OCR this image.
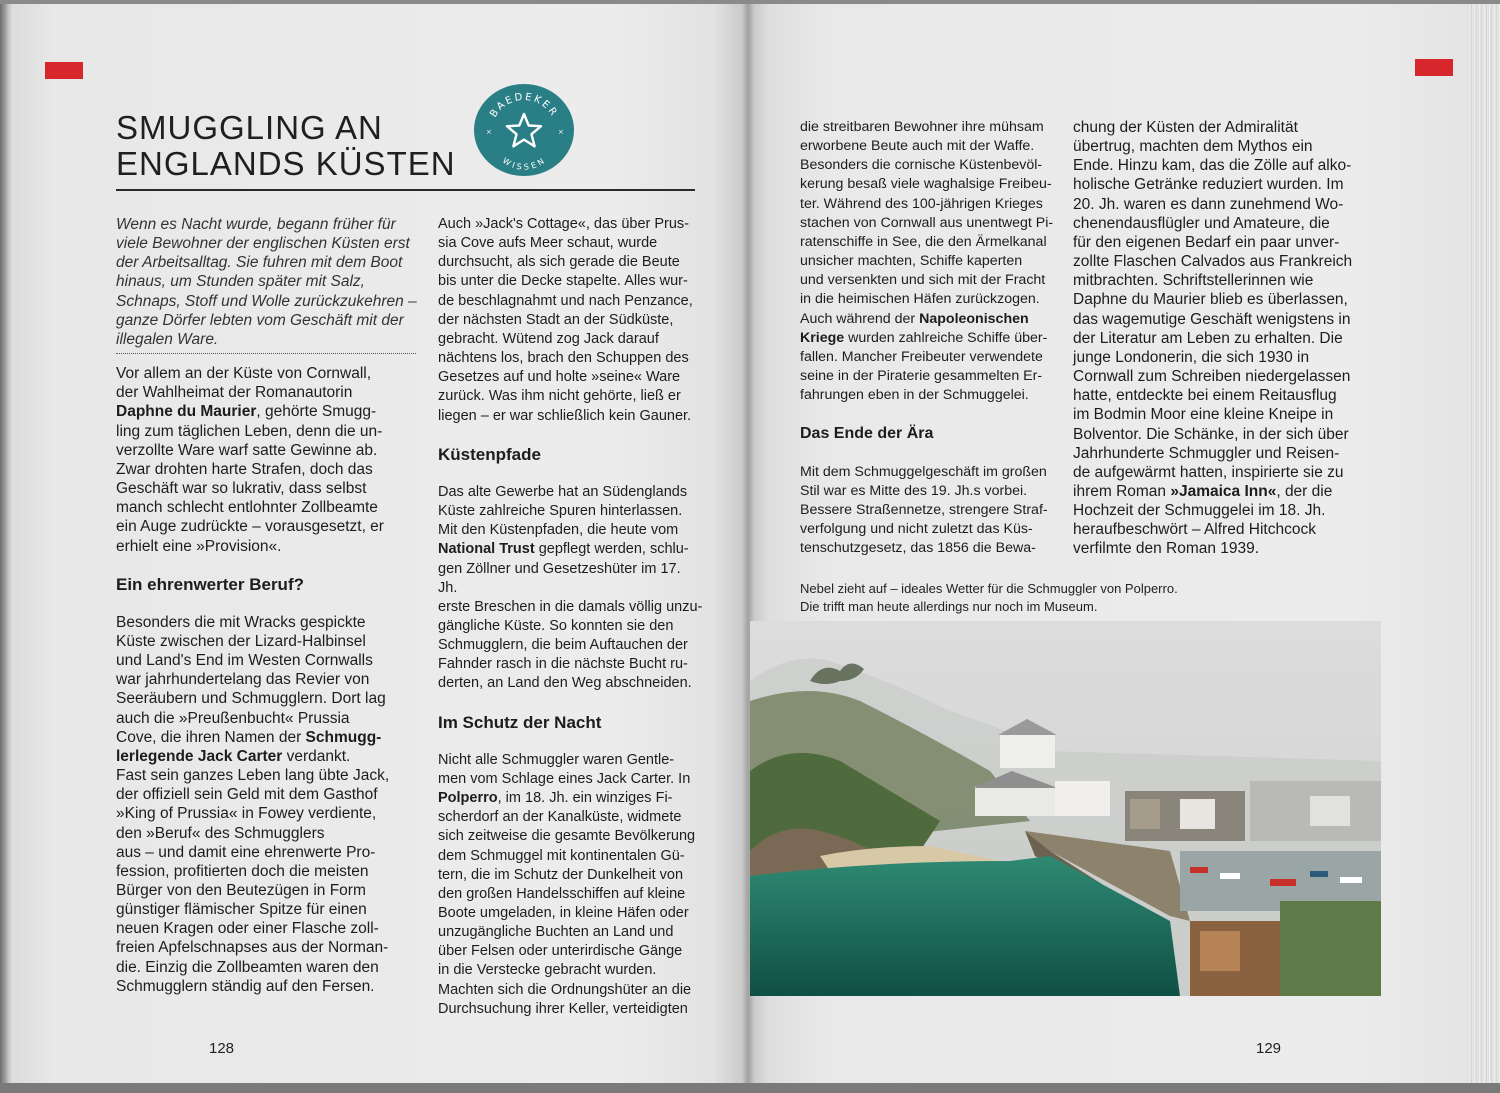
SMUGGLING AN
ENGLANDS KÜSTEN
BAEDEKER
WISSEN
×	×

Wenn es Nacht wurde, begann früher für viele Bewohner der englischen Küsten erst der Arbeitsalltag. Sie fuhren mit dem Boot hinaus, um Stunden später mit Salz, Schnaps, Stoff und Wolle zurückzukehren – ganze Dörfer lebten vom Geschäft mit der illegalen Ware.

Vor allem an der Küste von Cornwall,
der Wahlheimat der Romanautorin
Daphne du Maurier, gehörte Smugg-
ling zum täglichen Leben, denn die un-
verzollte Ware warf satte Gewinne ab.
Zwar drohten harte Strafen, doch das
Geschäft war so lukrativ, dass selbst
manch schlecht entlohnter Zollbeamte
ein Auge zudrückte – vorausgesetzt, er
erhielt eine »Provision«.

Ein ehrenwerter Beruf?

Besonders die mit Wracks gespickte
Küste zwischen der Lizard-Halbinsel
und Land's End im Westen Cornwalls
war jahrhundertelang das Revier von
Seeräubern und Schmugglern. Dort lag
auch die »Preußenbucht« Prussia
Cove, die ihren Namen der Schmugg-
lerlegende Jack Carter verdankt.
Fast sein ganzes Leben lang übte Jack,
der offiziell sein Geld mit dem Gasthof
»King of Prussia« in Fowey verdiente,
den »Beruf« des Schmugglers
aus – und damit eine ehrenwerte Pro-
fession, profitierten doch die meisten
Bürger von den Beutezügen in Form
günstiger flämischer Spitze für einen
neuen Kragen oder einer Flasche zoll-
freien Apfelschnapses aus der Norman-
die. Einzig die Zollbeamten waren den
Schmugglern ständig auf den Fersen.
Auch »Jack's Cottage«, das über Prus-
sia Cove aufs Meer schaut, wurde
durchsucht, als sich gerade die Beute
bis unter die Decke stapelte. Alles wur-
de beschlagnahmt und nach Penzance,
der nächsten Stadt an der Südküste,
gebracht. Wütend zog Jack darauf
nächtens los, brach den Schuppen des
Gesetzes auf und holte »seine« Ware
zurück. Was ihm nicht gehörte, ließ er
liegen – er war schließlich kein Gauner.

Küstenpfade

Das alte Gewerbe hat an Südenglands
Küste zahlreiche Spuren hinterlassen.
Mit den Küstenpfaden, die heute vom
National Trust gepflegt werden, schlu-
gen Zöllner und Gesetzeshüter im 17. Jh.
erste Breschen in die damals völlig unzu-
gängliche Küste. So konnten sie den
Schmugglern, die beim Auftauchen der
Fahnder rasch in die nächste Bucht ru-
derten, an Land den Weg abschneiden.

Im Schutz der Nacht

Nicht alle Schmuggler waren Gentle-
men vom Schlage eines Jack Carter. In
Polperro, im 18. Jh. ein winziges Fi-
scherdorf an der Kanalküste, widmete
sich zeitweise die gesamte Bevölkerung
dem Schmuggel mit kontinentalen Gü-
tern, die im Schutz der Dunkelheit von
den großen Handelsschiffen auf kleine
Boote umgeladen, in kleine Häfen oder
unzugängliche Buchten an Land und
über Felsen oder unterirdische Gänge
in die Verstecke gebracht wurden.
Machten sich die Ordnungshüter an die
Durchsuchung ihrer Keller, verteidigten
128
die streitbaren Bewohner ihre mühsam
erworbene Beute auch mit der Waffe.
Besonders die cornische Küstenbevöl-
kerung besaß viele waghalsige Freibeu-
ter. Während des 100-jährigen Krieges
stachen von Cornwall aus unentwegt Pi-
ratenschiffe in See, die den Ärmelkanal
unsicher machten, Schiffe kaperten
und versenkten und sich mit der Fracht
in die heimischen Häfen zurückzogen.
Auch während der Napoleonischen
Kriege wurden zahlreiche Schiffe über-
fallen. Mancher Freibeuter verwendete
seine in der Piraterie gesammelten Er-
fahrungen eben in der Schmuggelei.

Das Ende der Ära

Mit dem Schmuggelgeschäft im großen
Stil war es Mitte des 19. Jh.s vorbei.
Bessere Straßennetze, strengere Straf-
verfolgung und nicht zuletzt das Küs-
tenschutzgesetz, das 1856 die Bewa-
chung der Küsten der Admiralität
übertrug, machten dem Mythos ein
Ende. Hinzu kam, das die Zölle auf alko-
holische Getränke reduziert wurden. Im
20. Jh. waren es dann zunehmend Wo-
chenendausflügler und Amateure, die
für den eigenen Bedarf ein paar unver-
zollte Flaschen Calvados aus Frankreich
mitbrachten. Schriftstellerinnen wie
Daphne du Maurier blieb es überlassen,
das wagemutige Geschäft wenigstens in
der Literatur am Leben zu erhalten. Die
junge Londonerin, die sich 1930 in
Cornwall zum Schreiben niedergelassen
hatte, entdeckte bei einem Reitausflug
im Bodmin Moor eine kleine Kneipe in
Bolventor. Die Schänke, in der sich über
Jahrhunderte Schmuggler und Reisen-
de aufgewärmt hatten, inspirierte sie zu
ihrem Roman »Jamaica Inn«, der die
Hochzeit der Schmuggelei im 18. Jh.
heraufbeschwört – Alfred Hitchcock
verfilmte den Roman 1939.
Nebel zieht auf – ideales Wetter für die Schmuggler von Polperro.
Die trifft man heute allerdings nur noch im Museum.
129
